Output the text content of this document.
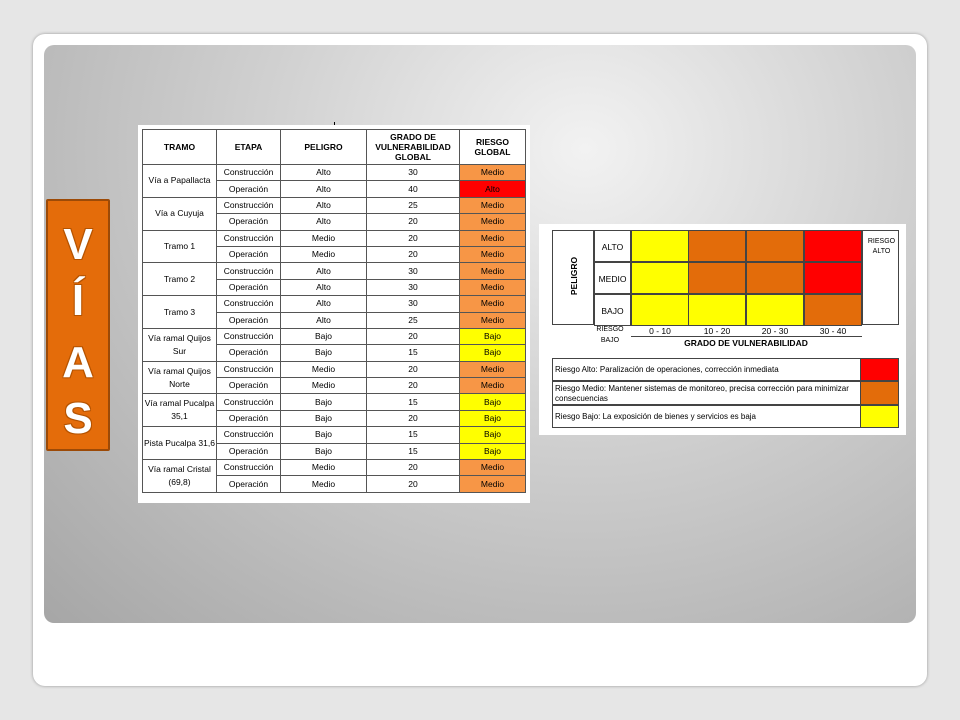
V
Í
A
S
TRAMO	ETAPA	PELIGRO	GRADO DE VULNERABILIDAD GLOBAL	RIESGO GLOBAL
Vía a Papallacta	Construcción	Alto	30	Medio
	Operación	Alto	40	Alto
Vía a Cuyuja	Construcción	Alto	25	Medio
	Operación	Alto	20	Medio
Tramo 1	Construcción	Medio	20	Medio
	Operación	Medio	20	Medio
Tramo 2	Construcción	Alto	30	Medio
	Operación	Alto	30	Medio
Tramo 3	Construcción	Alto	30	Medio
	Operación	Alto	25	Medio
Vía ramal Quijos Sur	Construcción	Bajo	20	Bajo
	Operación	Bajo	15	Bajo
Vía ramal Quijos Norte	Construcción	Medio	20	Medio
	Operación	Medio	20	Medio
Vía ramal Pucalpa 35,1	Construcción	Bajo	15	Bajo
	Operación	Bajo	20	Bajo
Pista Pucalpa 31,6	Construcción	Bajo	15	Bajo
	Operación	Bajo	15	Bajo
Vía ramal Cristal (69,8)	Construcción	Medio	20	Medio
	Operación	Medio	20	Medio
PELIGRO
ALTO
MEDIO
BAJO
RIESGO ALTO
RIESGO
BAJO
0 - 10	10 - 20	20 - 30	30 - 40
GRADO DE VULNERABILIDAD
Riesgo Alto: Paralización de operaciones, corrección inmediata
Riesgo Medio: Mantener sistemas de monitoreo, precisa corrección para minimizar consecuencias
Riesgo Bajo: La exposición de bienes y servicios es baja
